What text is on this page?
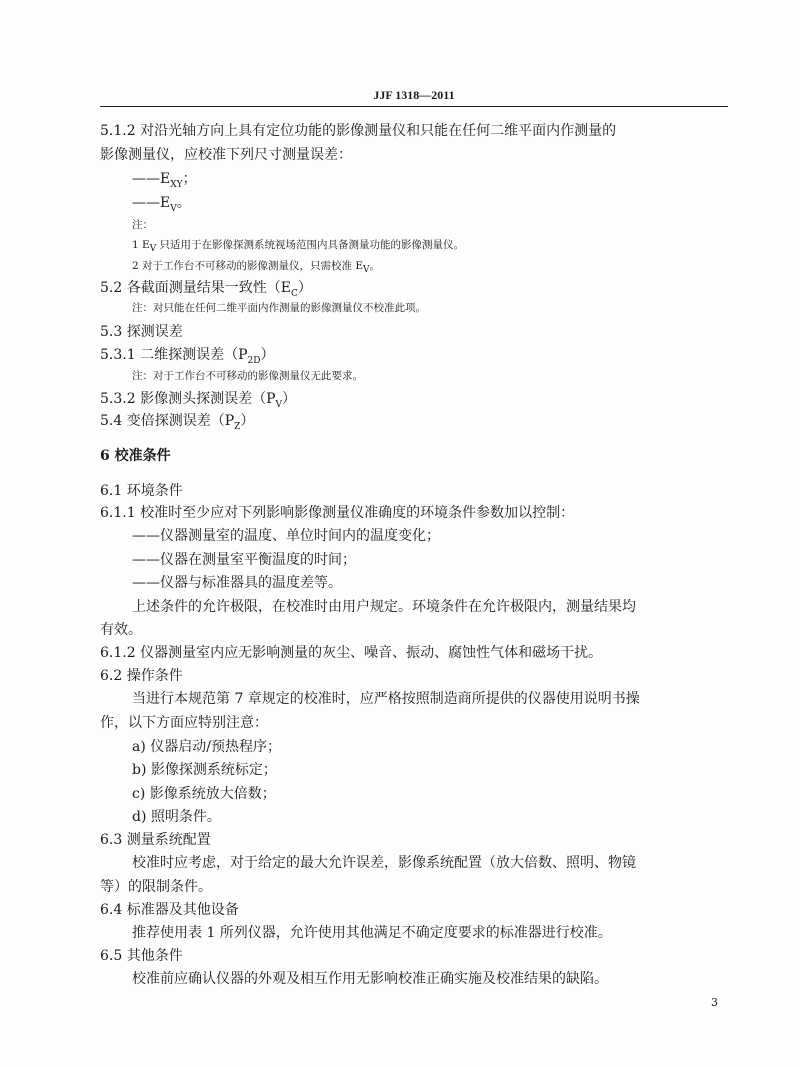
JJF 1318—2011
5.1.2 对沿光轴方向上具有定位功能的影像测量仪和只能在任何二维平面内作测量的
影像测量仪，应校准下列尺寸测量误差：
$——E_{XY}$；
$——E_V$。
注：
1 $E_V$ 只适用于在影像探测系统视场范围内具备测量功能的影像测量仪。
2 对于工作台不可移动的影像测量仪，只需校准 $E_V$。
5.2 各截面测量结果一致性$(E_C)$
注：对只能在任何二维平面内作测量的影像测量仪不校准此项。
5.3 探测误差
5.3.1 二维探测误差$(P_{2D})$
注：对于工作台不可移动的影像测量仪无此要求。
5.3.2 影像测头探测误差$(P_V)$
5.4 变倍探测误差$(P_Z)$
6 校准条件
6.1 环境条件
6.1.1 校准时至少应对下列影响影像测量仪准确度的环境条件参数加以控制：
——仪器测量室的温度、单位时间内的温度变化；
——仪器在测量室平衡温度的时间；
——仪器与标准器具的温度差等。
上述条件的允许极限，在校准时由用户规定。环境条件在允许极限内，测量结果均
有效。
6.1.2 仪器测量室内应无影响测量的灰尘、噪音、振动、腐蚀性气体和磁场干扰。
6.2 操作条件
当进行本规范第 7 章规定的校准时，应严格按照制造商所提供的仪器使用说明书操
作，以下方面应特别注意：
a) 仪器启动/预热程序；
b) 影像探测系统标定；
c) 影像系统放大倍数；
d) 照明条件。
6.3 测量系统配置
校准时应考虑，对于给定的最大允许误差，影像系统配置（放大倍数、照明、物镜
等）的限制条件。
6.4 标准器及其他设备
推荐使用表 1 所列仪器，允许使用其他满足不确定度要求的标准器进行校准。
6.5 其他条件
校准前应确认仪器的外观及相互作用无影响校准正确实施及校准结果的缺陷。
3
